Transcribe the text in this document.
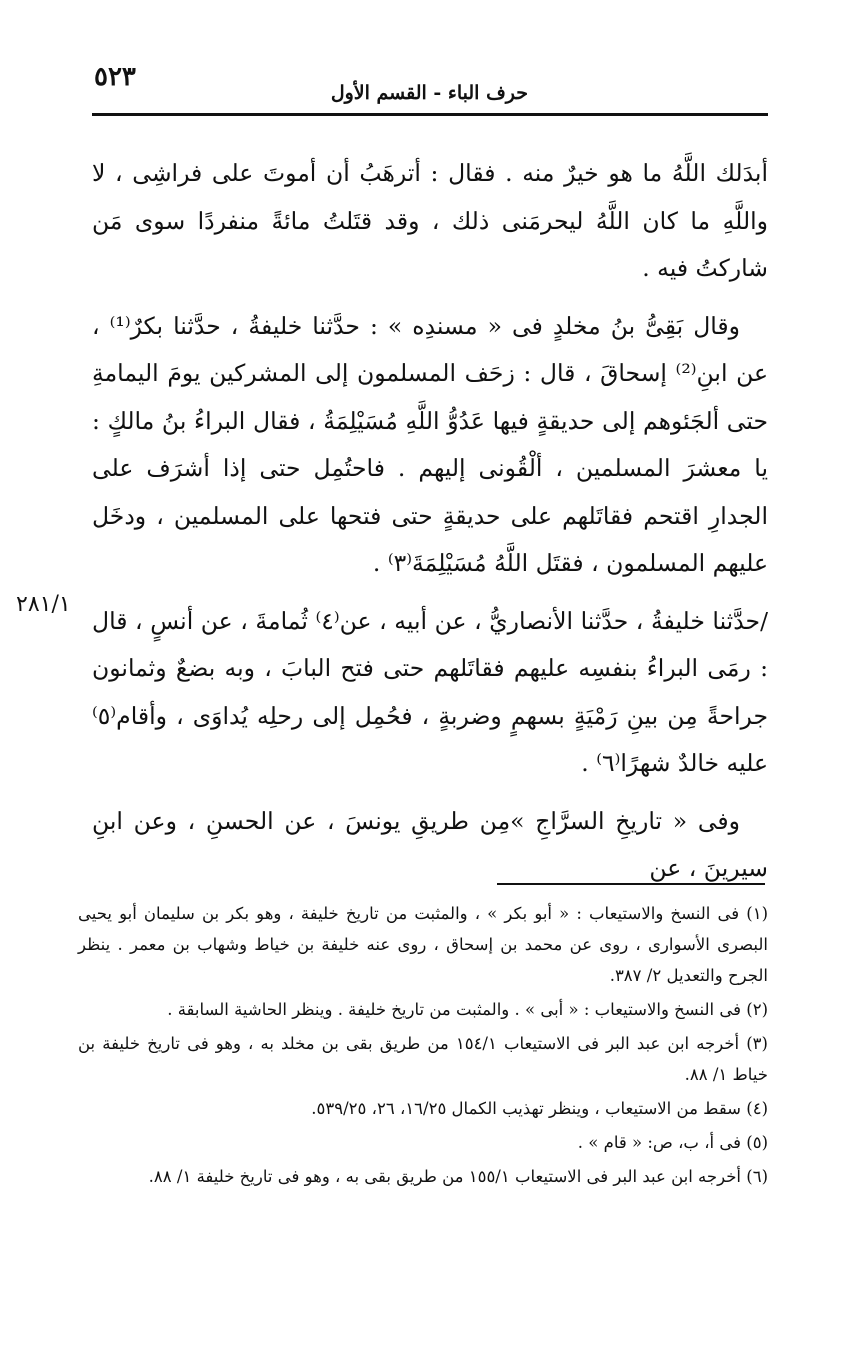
٥٢٣
حرف الباء - القسم الأول

أبدَلك اللَّهُ ما هو خيرٌ منه . فقال : أترهَبُ أن أموتَ على فراشِى ، لا واللَّهِ ما كان اللَّهُ ليحرمَنى ذلك ، وقد قتَلتُ مائةً منفردًا سوى مَن شاركتُ فيه .

وقال بَقِىُّ بنُ مخلدٍ فى « مسندِه » : حدَّثنا خليفةُ ، حدَّثنا بكرٌ⁽¹⁾ ، عن ابنِ⁽²⁾ إسحاقَ ، قال : زحَف المسلمون إلى المشركين يومَ اليمامةِ حتى ألجَئوهم إلى حديقةٍ فيها عَدُوُّ اللَّهِ مُسَيْلِمَةُ ، فقال البراءُ بنُ مالكٍ : يا معشرَ المسلمين ، ألْقُونى إليهم . فاحتُمِل حتى إذا أشرَف على الجدارِ اقتحم فقاتَلهم على حديقةٍ حتى فتحها على المسلمين ، ودخَل عليهم المسلمون ، فقتَل اللَّهُ مُسَيْلِمَةَ⁽٣⁾ .

/حدَّثنا خليفةُ ، حدَّثنا الأنصاريُّ ، عن أبيه ، عن⁽٤⁾ ثُمامةَ ، عن أنسٍ ، قال : رمَى البراءُ بنفسِه عليهم فقاتَلهم حتى فتح البابَ ، وبه بضعٌ وثمانون جراحةً مِن بينِ رَمْيَةٍ بسهمٍ وضربةٍ ، فحُمِل إلى رحلِه يُداوَى ، وأقام⁽٥⁾ عليه خالدٌ شهرًا⁽٦⁾ .

وفى « تاريخِ السرَّاجِ »مِن طريقِ يونسَ ، عن الحسنِ ، وعن ابنِ سيرينَ ، عن

٢٨١/١

(١) فى النسخ والاستيعاب : « أبو بكر » ، والمثبت من تاريخ خليفة ، وهو بكر بن سليمان أبو يحيى البصرى الأسوارى ، روى عن محمد بن إسحاق ، روى عنه خليفة بن خياط وشهاب بن معمر . ينظر الجرح والتعديل ٢/ ٣٨٧.

(٢) فى النسخ والاستيعاب : « أبى » . والمثبت من تاريخ خليفة . وينظر الحاشية السابقة .

(٣) أخرجه ابن عبد البر فى الاستيعاب ١٥٤/١ من طريق بقى بن مخلد به ، وهو فى تاريخ خليفة بن خياط ١/ ٨٨.

(٤) سقط من الاستيعاب ، وينظر تهذيب الكمال ١٦/٢٥، ٢٦، ٥٣٩/٢٥.

(٥) فى أ، ب، ص: « قام » .

(٦) أخرجه ابن عبد البر فى الاستيعاب ١٥٥/١ من طريق بقى به ، وهو فى تاريخ خليفة ١/ ٨٨.
